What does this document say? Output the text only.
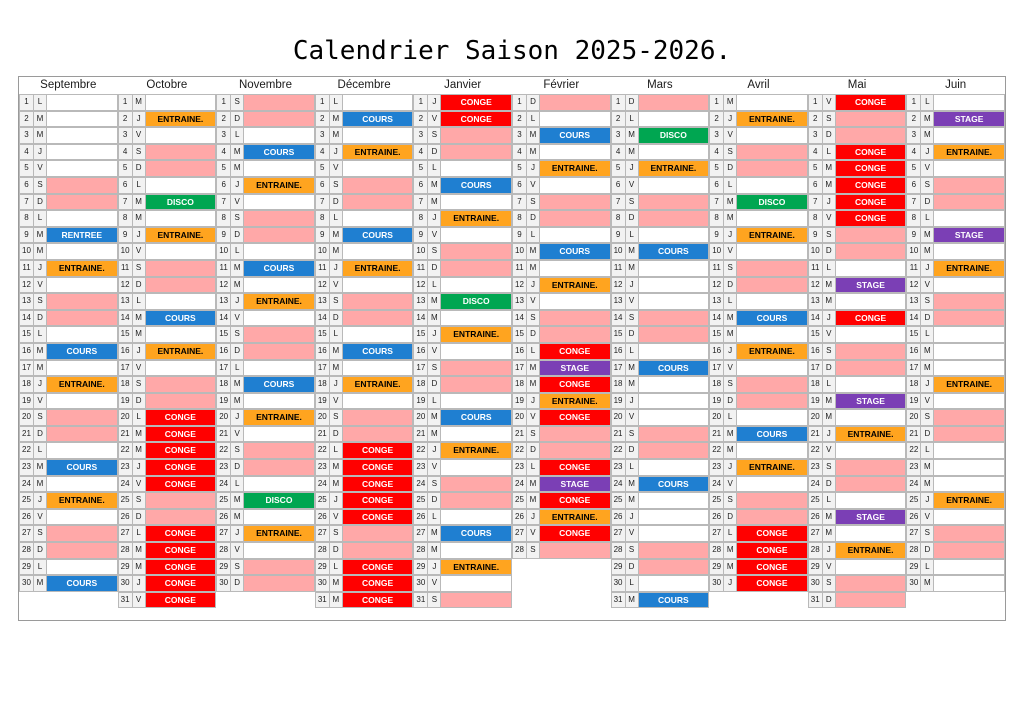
Calendrier Saison 2025-2026.
Septembre
1	L
2 M
3 M
4	J
5	V
6	S
7	D
8	L
9 M	RENTREE
10 M
11 J	ENTRAINE.
12 V
13 S
14 D
15 L
16 M	COURS
17 M
18 J	ENTRAINE.
19 V
20 S
21 D
22 L
23 M	COURS
24 M
25 J	ENTRAINE.
26 V
27 S
28 D
29 L
30 M	COURS
Octobre
1 M
2	J	ENTRAINE.
3	V
4	S
5	D
6	L
7 M	DISCO
8 M
9	J	ENTRAINE.
10 V
11 S
12 D
13 L
14 M	COURS
15 M
16 J	ENTRAINE.
17 V
18 S
19 D
20 L	CONGE
21 M	CONGE
22 M	CONGE
23 J	CONGE
24 V	CONGE
25 S
26 D
27 L	CONGE
28 M	CONGE
29 M	CONGE
30 J	CONGE
31 V	CONGE
Novembre
1	S
2	D
3	L
4 M	COURS
5 M
6	J	ENTRAINE.
7	V
8	S
9	D
10 L
11 M	COURS
12 M
13 J	ENTRAINE.
14 V
15 S
16 D
17 L
18 M	COURS
19 M
20 J	ENTRAINE.
21 V
22 S
23 D
24 L
25 M	DISCO
26 M
27 J	ENTRAINE.
28 V
29 S
30 D
Décembre
1	L
2 M	COURS
3 M
4	J	ENTRAINE.
5	V
6	S
7	D
8	L
9 M	COURS
10 M
11 J	ENTRAINE.
12 V
13 S
14 D
15 L
16 M	COURS
17 M
18 J	ENTRAINE.
19 V
20 S
21 D
22 L	CONGE
23 M	CONGE
24 M	CONGE
25 J	CONGE
26 V	CONGE
27 S
28 D
29 L	CONGE
30 M	CONGE
31 M	CONGE
Janvier
1	J	CONGE
2	V	CONGE
3	S
4	D
5	L
6 M	COURS
7 M
8	J	ENTRAINE.
9	V
10 S
11 D
12 L
13 M	DISCO
14 M
15 J	ENTRAINE.
16 V
17 S
18 D
19 L
20 M	COURS
21 M
22 J	ENTRAINE.
23 V
24 S
25 D
26 L
27 M	COURS
28 M
29 J	ENTRAINE.
30 V
31 S
Février
1	D
2	L
3 M	COURS
4 M
5	J	ENTRAINE.
6	V
7	S
8	D
9	L
10 M	COURS
11 M
12 J	ENTRAINE.
13 V
14 S
15 D
16 L	CONGE
17 M	STAGE
18 M	CONGE
19 J	ENTRAINE.
20 V	CONGE
21 S
22 D
23 L	CONGE
24 M	STAGE
25 M	CONGE
26 J	ENTRAINE.
27 V	CONGE
28 S
Mars
1	D
2	L
3 M	DISCO
4 M
5	J	ENTRAINE.
6	V
7	S
8	D
9	L
10 M	COURS
11 M
12 J
13 V
14 S
15 D
16 L
17 M	COURS
18 M
19 J
20 V
21 S
22 D
23 L
24 M	COURS
25 M
26 J
27 V
28 S
29 D
30 L
31 M	COURS
Avril
1 M
2	J	ENTRAINE.
3	V
4	S
5	D
6	L
7 M	DISCO
8 M
9	J	ENTRAINE.
10 V
11 S
12 D
13 L
14 M	COURS
15 M
16 J	ENTRAINE.
17 V
18 S
19 D
20 L
21 M	COURS
22 M
23 J	ENTRAINE.
24 V
25 S
26 D
27 L	CONGE
28 M	CONGE
29 M	CONGE
30 J	CONGE
Mai
1	V	CONGE
2	S
3	D
4	L	CONGE
5 M	CONGE
6 M	CONGE
7	J	CONGE
8	V	CONGE
9	S
10 D
11 L
12 M	STAGE
13 M
14 J	CONGE
15 V
16 S
17 D
18 L
19 M	STAGE
20 M
21 J	ENTRAINE.
22 V
23 S
24 D
25 L
26 M	STAGE
27 M
28 J	ENTRAINE.
29 V
30 S
31 D
Juin
1	L
2 M	STAGE
3 M
4	J	ENTRAINE.
5	V
6	S
7	D
8	L
9 M	STAGE
10 M
11 J	ENTRAINE.
12 V
13 S
14 D
15 L
16 M
17 M
18 J	ENTRAINE.
19 V
20 S
21 D
22 L
23 M
24 M
25 J	ENTRAINE.
26 V
27 S
28 D
29 L
30 M
